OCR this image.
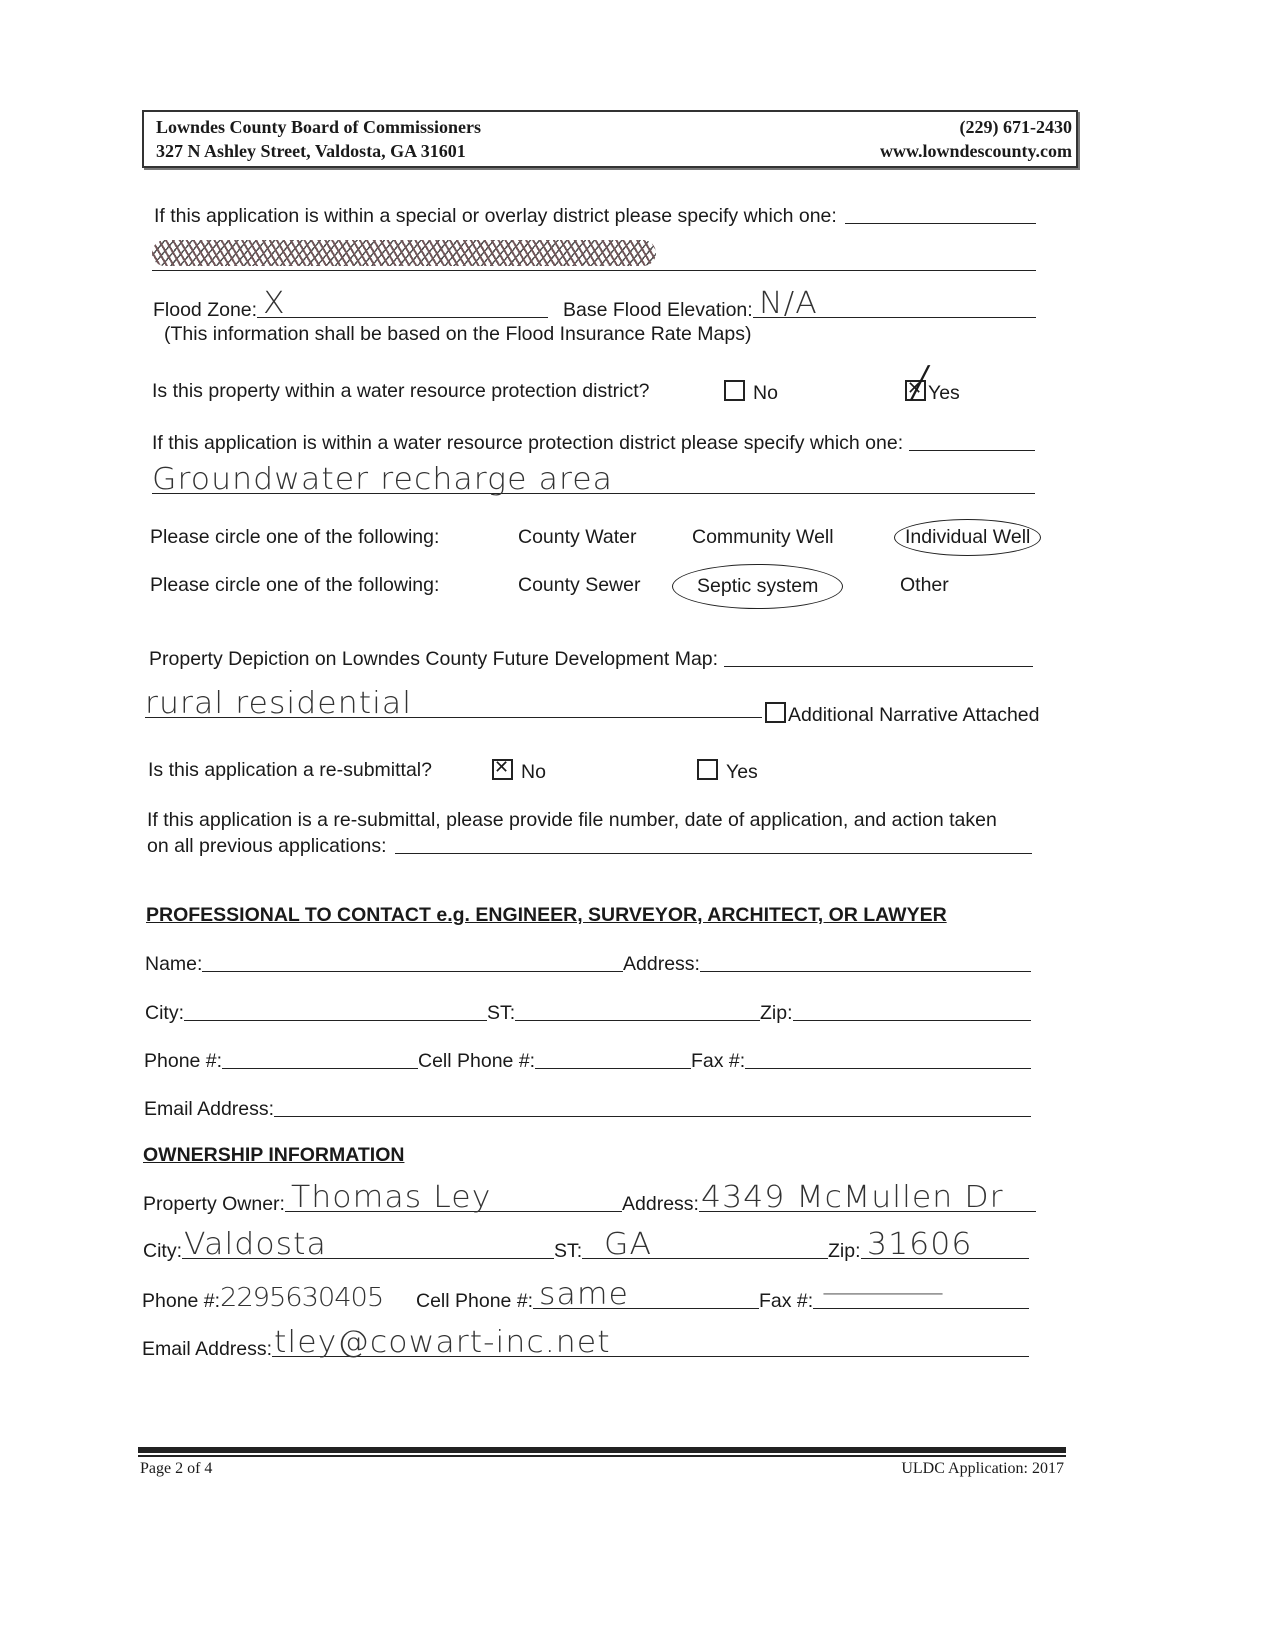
Lowndes County Board of Commissioners
327 N Ashley Street, Valdosta, GA 31601
(229) 671-2430
www.lowndescounty.com
If this application is within a special or overlay district please specify which one:
Flood Zone: X	Base Flood Elevation: N/A
(This information shall be based on the Flood Insurance Rate Maps)
Is this property within a water resource protection district?	No	╱
✕Yes
If this application is within a water resource protection district please specify which one:
Groundwater recharge area
Please circle one of the following:	County Water	Community Well	Individual Well
Please circle one of the following:	County Sewer	Septic system	Other
Property Depiction on Lowndes County Future Development Map:
rural residential	Additional Narrative Attached
Is this application a re-submittal? ✕	No	Yes
If this application is a re-submittal, please provide file number, date of application, and action taken
on all previous applications:
PROFESSIONAL TO CONTACT e.g. ENGINEER, SURVEYOR, ARCHITECT, OR LAWYER
Name:	Address:
City:	ST:	Zip:
Phone #:	Cell Phone #:	Fax #:
Email Address:
OWNERSHIP INFORMATION
Property Owner: Thomas Ley	Address: 4349 McMullen Dr
City: Valdosta	ST: GA	Zip: 31606
Phone #: 2295630405 Cell Phone #: same	Fax #: —
Email Address: tley@cowart-inc.net
Page 2 of 4	ULDC Application: 2017
